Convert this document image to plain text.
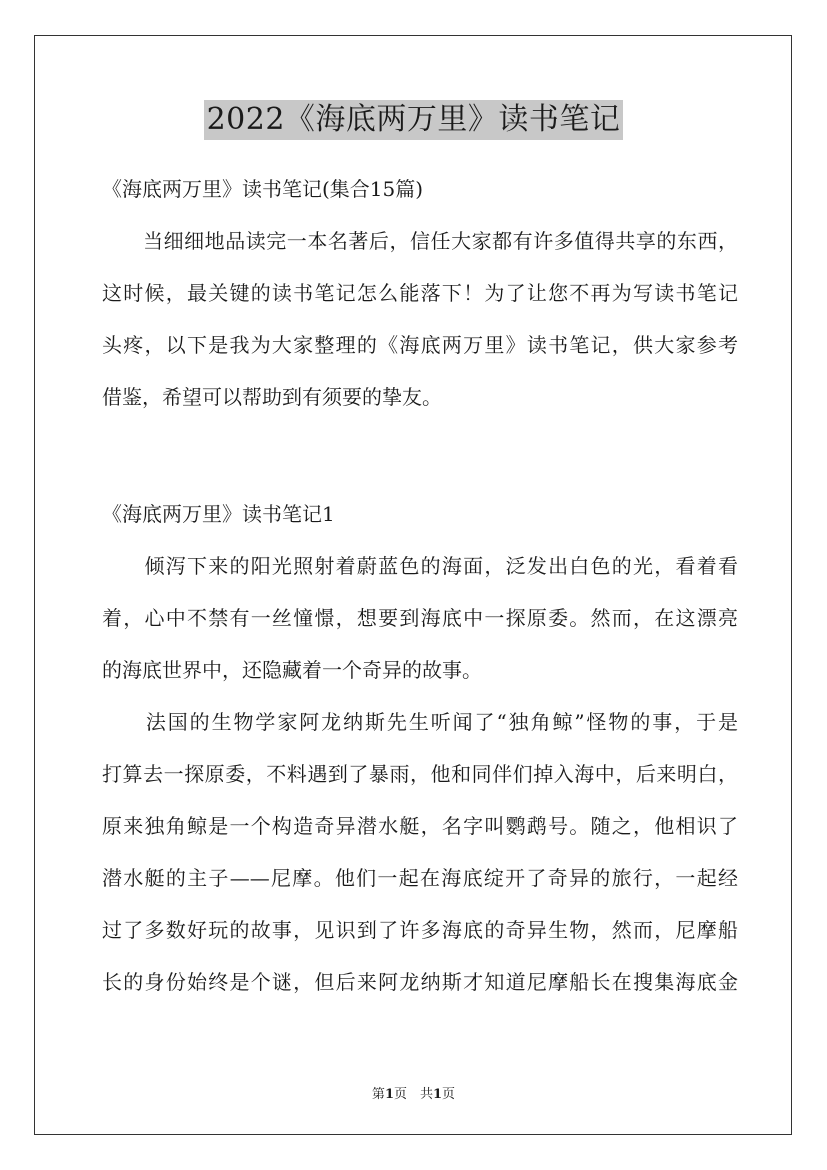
2022《海底两万里》读书笔记

《海底两万里》读书笔记(集合15篇)

　　当细细地品读完一本名著后，信任大家都有许多值得共享的东西，

这时候，最关键的读书笔记怎么能落下！为了让您不再为写读书笔记

头疼，以下是我为大家整理的《海底两万里》读书笔记，供大家参考

借鉴，希望可以帮助到有须要的挚友。

《海底两万里》读书笔记1

　　倾泻下来的阳光照射着蔚蓝色的海面，泛发出白色的光，看着看

着，心中不禁有一丝憧憬，想要到海底中一探原委。然而，在这漂亮

的海底世界中，还隐藏着一个奇异的故事。

　　法国的生物学家阿龙纳斯先生听闻了“独角鲸”怪物的事，于是

打算去一探原委，不料遇到了暴雨，他和同伴们掉入海中，后来明白，

原来独角鲸是一个构造奇异潜水艇，名字叫鹦鹉号。随之，他相识了

潜水艇的主子——尼摩。他们一起在海底绽开了奇异的旅行，一起经

过了多数好玩的故事，见识到了许多海底的奇异生物，然而，尼摩船

长的身份始终是个谜，但后来阿龙纳斯才知道尼摩船长在搜集海底金

第1页　共1页
